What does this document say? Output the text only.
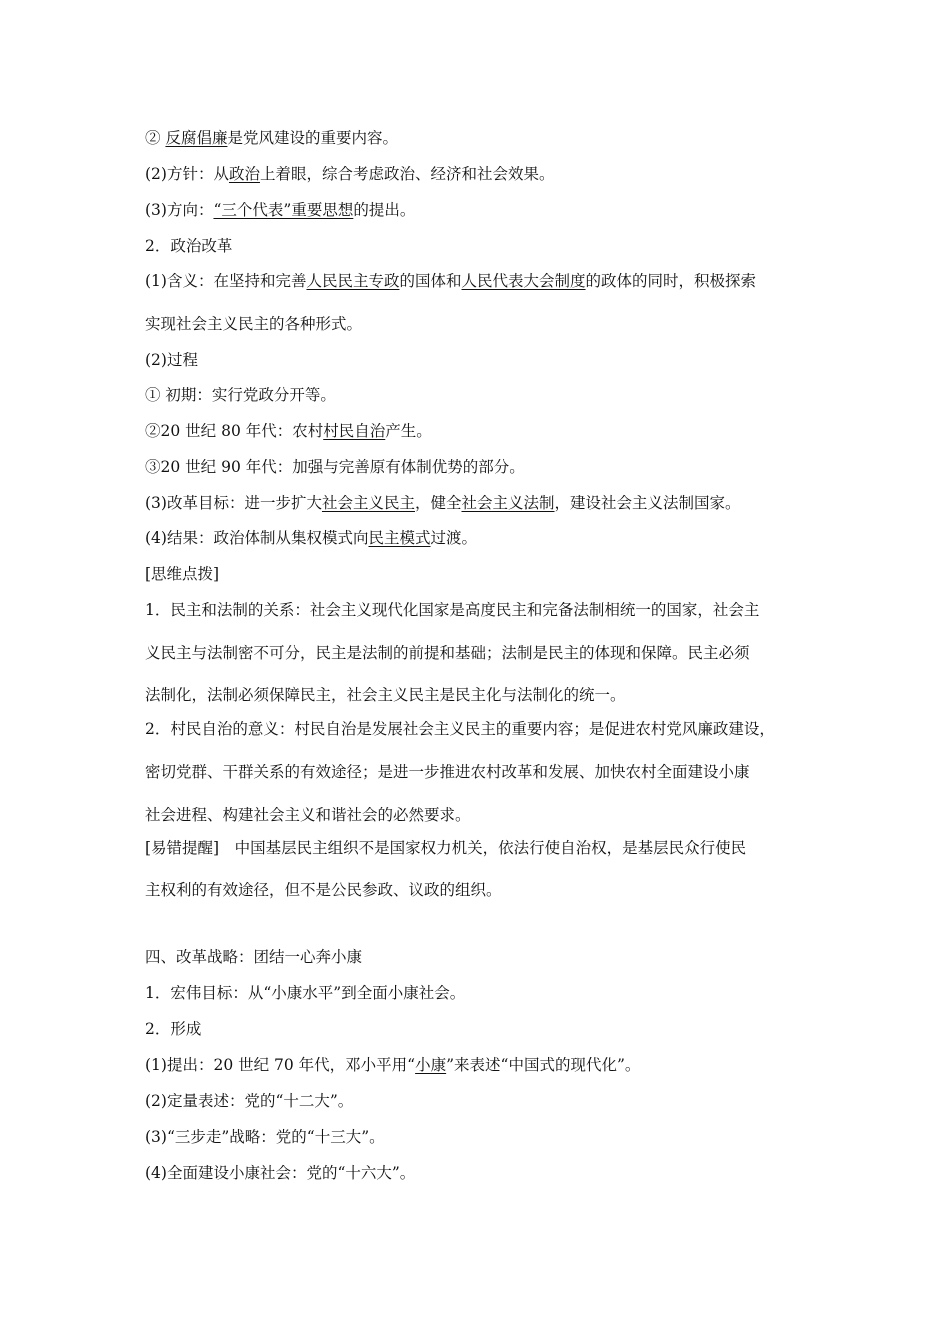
② 反腐倡廉是党风建设的重要内容。
(2)方针：从政治上着眼，综合考虑政治、经济和社会效果。
(3)方向：“三个代表”重要思想的提出。
2．政治改革
(1)含义：在坚持和完善人民民主专政的国体和人民代表大会制度的政体的同时，积极探索
实现社会主义民主的各种形式。
(2)过程
① 初期：实行党政分开等。
②20 世纪 80 年代：农村村民自治产生。
③20 世纪 90 年代：加强与完善原有体制优势的部分。
(3)改革目标：进一步扩大社会主义民主，健全社会主义法制，建设社会主义法制国家。
(4)结果：政治体制从集权模式向民主模式过渡。
[思维点拨]
1．民主和法制的关系：社会主义现代化国家是高度民主和完备法制相统一的国家，社会主
义民主与法制密不可分，民主是法制的前提和基础；法制是民主的体现和保障。民主必须
法制化，法制必须保障民主，社会主义民主是民主化与法制化的统一。
2．村民自治的意义：村民自治是发展社会主义民主的重要内容；是促进农村党风廉政建设，
密切党群、干群关系的有效途径；是进一步推进农村改革和发展、加快农村全面建设小康
社会进程、构建社会主义和谐社会的必然要求。
[易错提醒]　中国基层民主组织不是国家权力机关，依法行使自治权，是基层民众行使民
主权利的有效途径，但不是公民参政、议政的组织。
四、改革战略：团结一心奔小康
1．宏伟目标：从“小康水平”到全面小康社会。
2．形成
(1)提出：20 世纪 70 年代，邓小平用“小康”来表述“中国式的现代化”。
(2)定量表述：党的“十二大”。
(3)“三步走”战略：党的“十三大”。
(4)全面建设小康社会：党的“十六大”。
